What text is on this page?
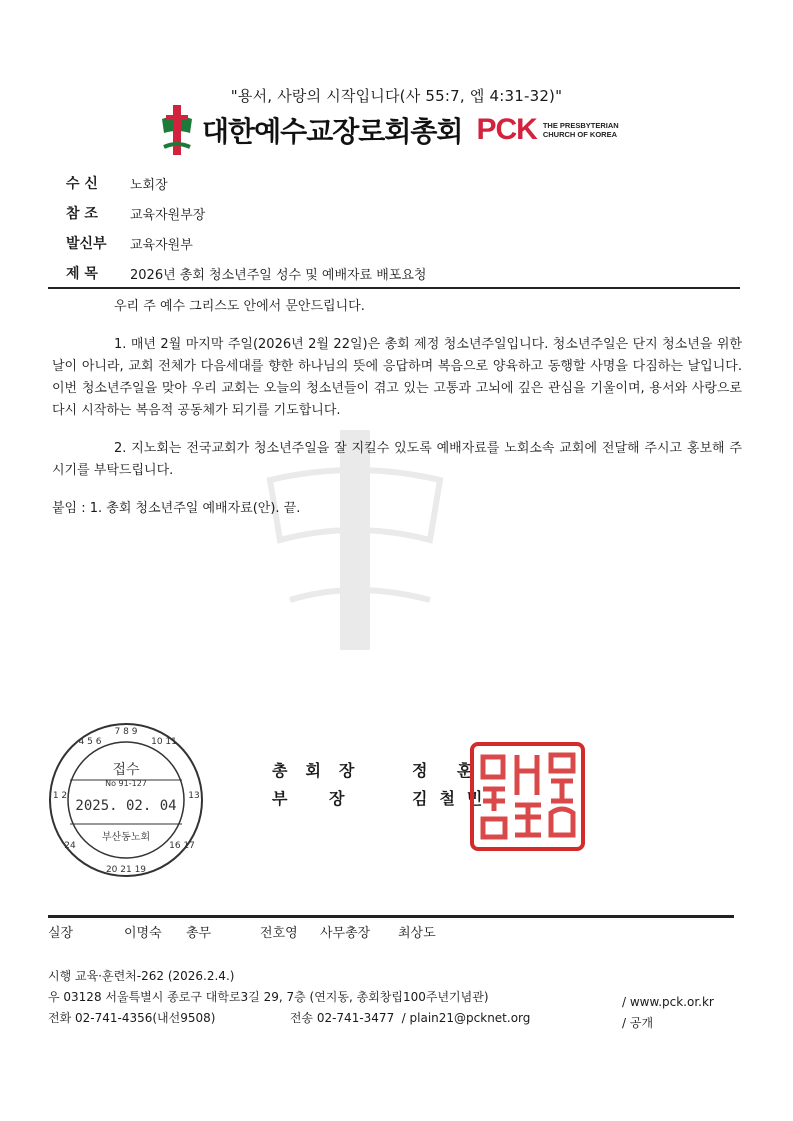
"용서, 사랑의 시작입니다(사 55:7, 엡 4:31-32)"
대한예수교장로회총회 PCK THE PRESBYTERIAN
CHURCH OF KOREA
수 신	노회장
참 조	교육자원부장
발신부	교육자원부
제 목	2026년 총회 청소년주일 성수 및 예배자료 배포요청

우리 주 예수 그리스도 안에서 문안드립니다.

1. 매년 2월 마지막 주일(2026년 2월 22일)은 총회 제정 청소년주일입니다. 청소년주일은 단지 청소년을 위한 날이 아니라, 교회 전체가 다음세대를 향한 하나님의 뜻에 응답하며 복음으로 양육하고 동행할 사명을 다짐하는 날입니다. 이번 청소년주일을 맞아 우리 교회는 오늘의 청소년들이 겪고 있는 고통과 고뇌에 깊은 관심을 기울이며, 용서와 사랑으로 다시 시작하는 복음적 공동체가 되기를 기도합니다.

2. 지노회는 전국교회가 청소년주일을 잘 지킬수 있도록 예배자료를 노회소속 교회에 전달해 주시고 홍보해 주시기를 부탁드립니다.

붙임 : 1. 총회 청소년주일 예배자료(안). 끝.

7 8 9
4 5 6	10 11
1 2	13
24	16 17
20 21 19
접수
No 91-127
2025. 02. 04
부산동노회
총회장	정 훈
부 장	김철민
실장	이명숙	총무	전호영	사무총장	최상도
시행 교육·훈련처-262 (2026.2.4.)
우 03128 서울특별시 종로구 대학로3길 29, 7층 (연지동, 총회창립100주년기념관)
전화 02-741-4356(내선9508)	전송 02-741-3477 / plain21@pcknet.org
/ www.pck.or.kr
/ 공개
